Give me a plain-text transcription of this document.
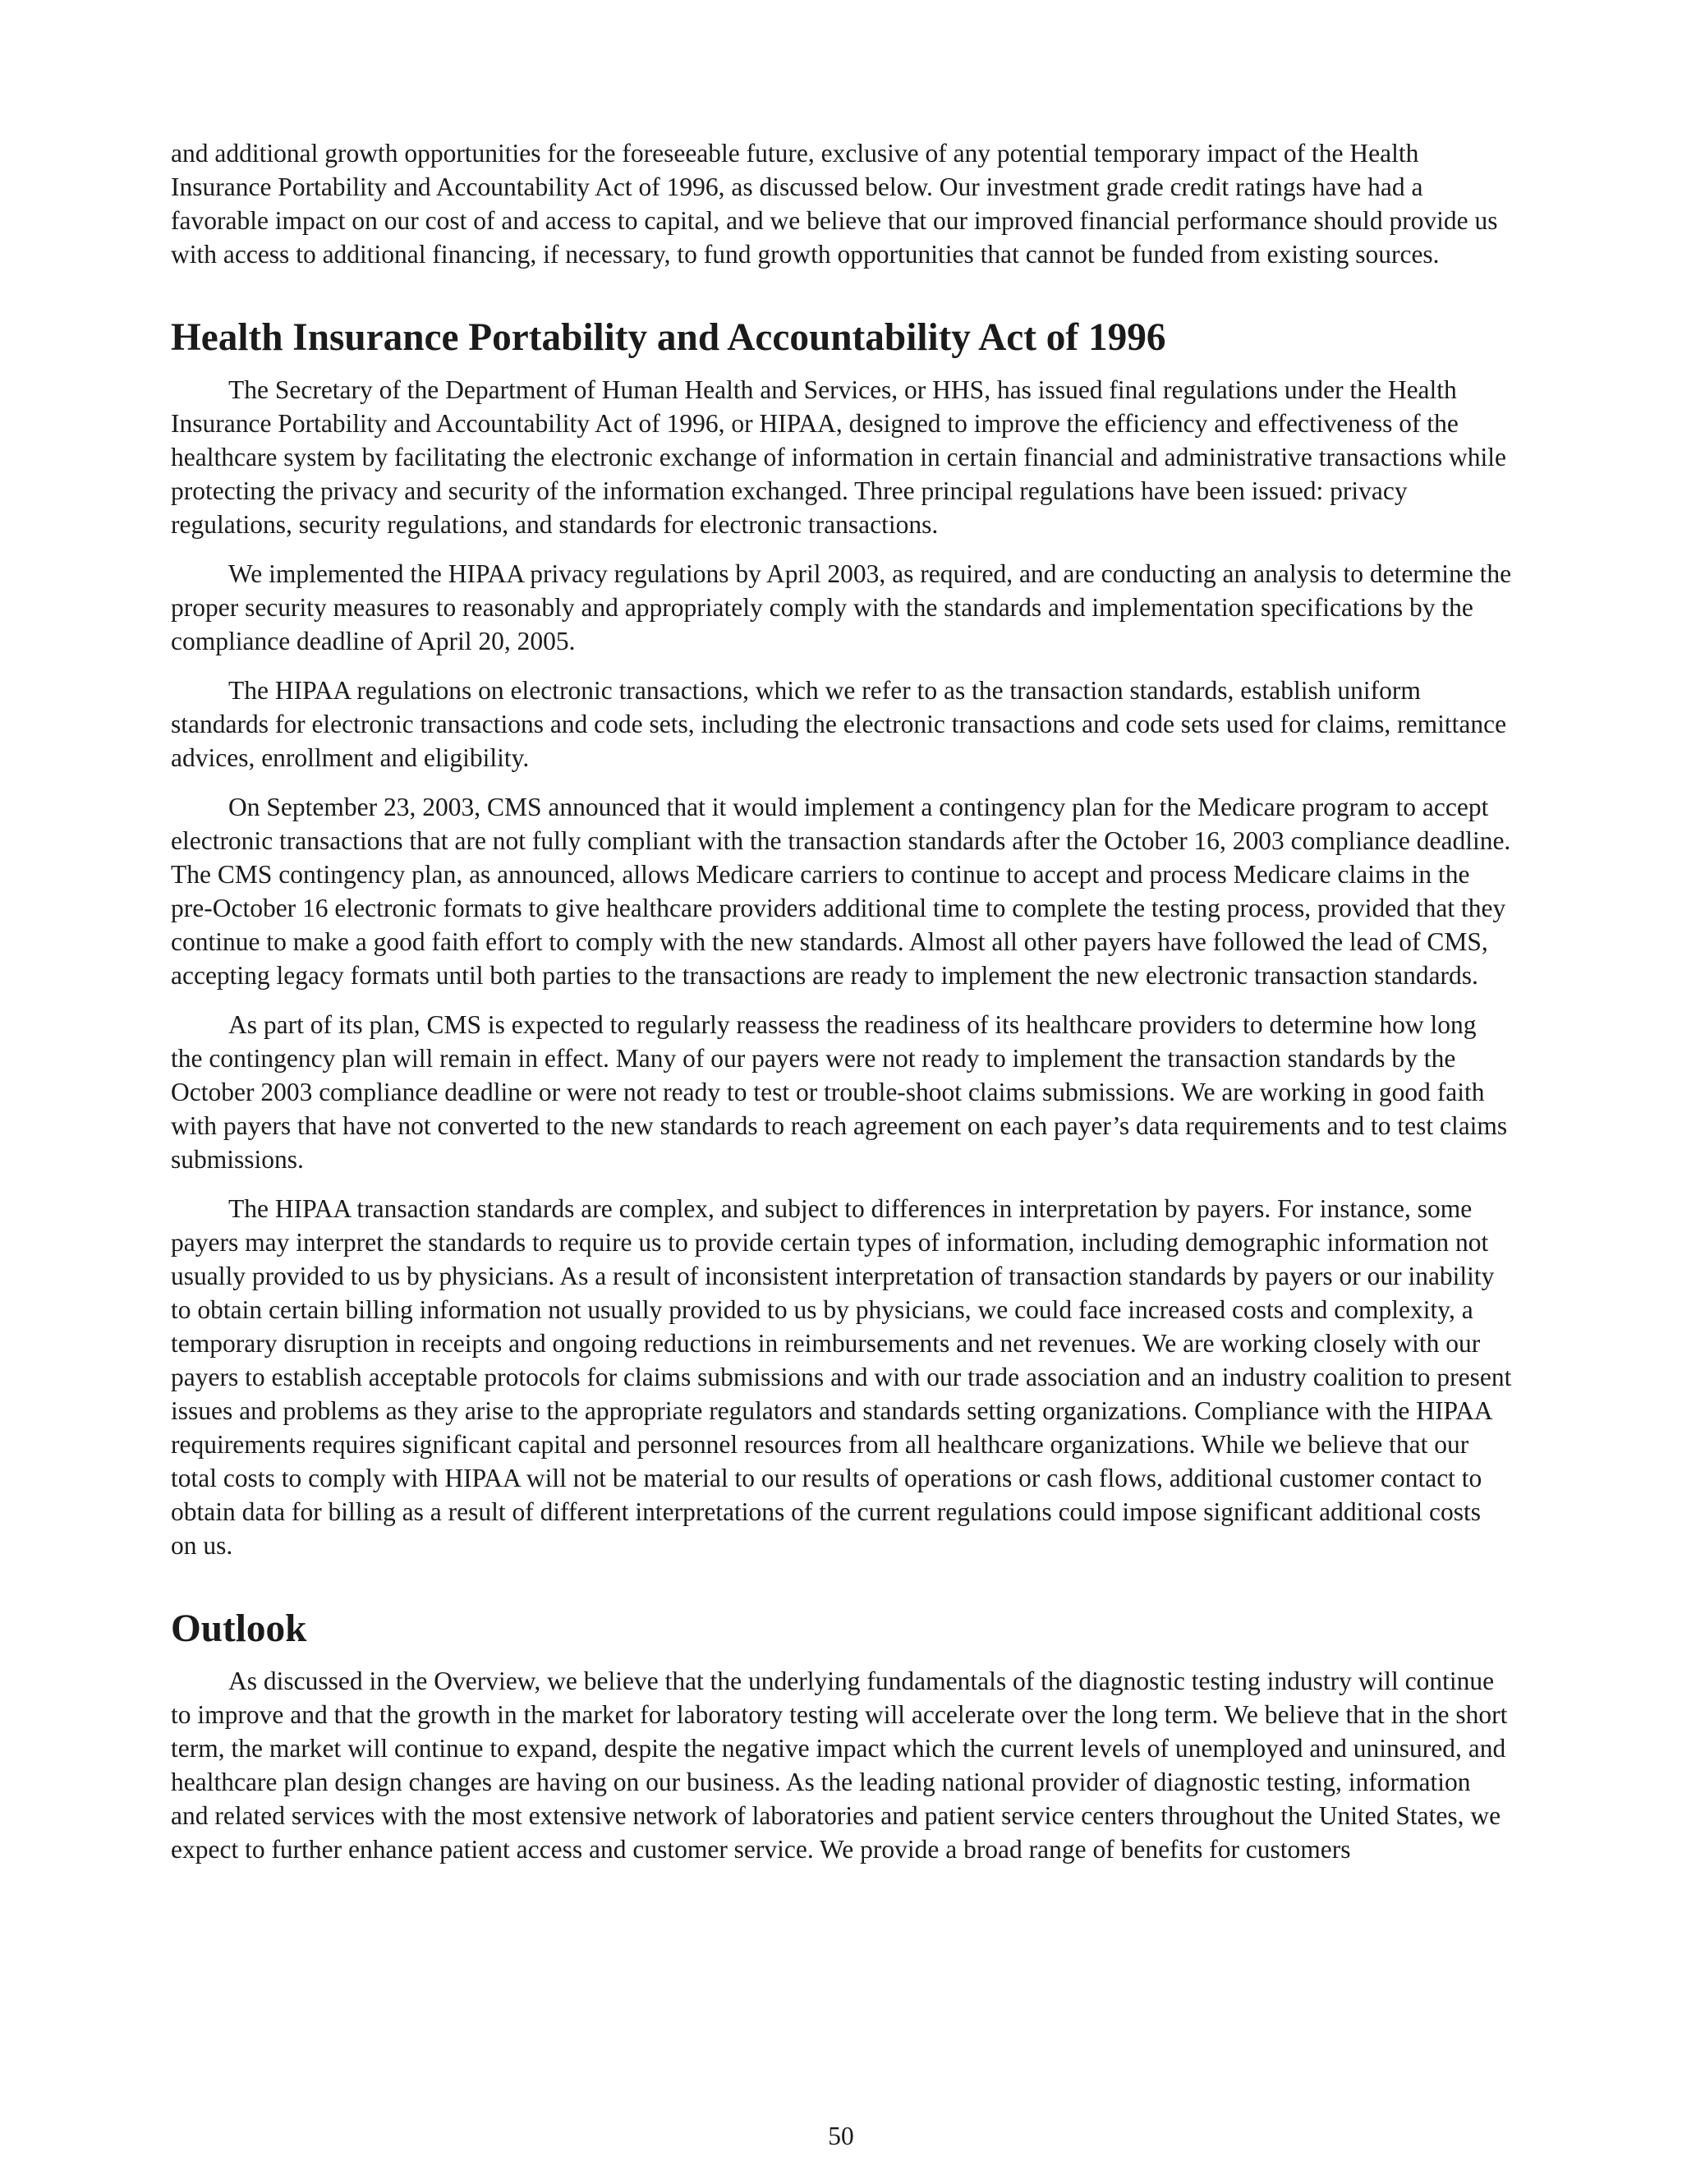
and additional growth opportunities for the foreseeable future, exclusive of any potential temporary impact of the Health Insurance Portability and Accountability Act of 1996, as discussed below. Our investment grade credit ratings have had a favorable impact on our cost of and access to capital, and we believe that our improved financial performance should provide us with access to additional financing, if necessary, to fund growth opportunities that cannot be funded from existing sources.

Health Insurance Portability and Accountability Act of 1996

The Secretary of the Department of Human Health and Services, or HHS, has issued final regulations under the Health Insurance Portability and Accountability Act of 1996, or HIPAA, designed to improve the efficiency and effectiveness of the healthcare system by facilitating the electronic exchange of information in certain financial and administrative transactions while protecting the privacy and security of the information exchanged. Three principal regulations have been issued: privacy regulations, security regulations, and standards for electronic transactions.

We implemented the HIPAA privacy regulations by April 2003, as required, and are conducting an analysis to determine the proper security measures to reasonably and appropriately comply with the standards and implementation specifications by the compliance deadline of April 20, 2005.

The HIPAA regulations on electronic transactions, which we refer to as the transaction standards, establish uniform standards for electronic transactions and code sets, including the electronic transactions and code sets used for claims, remittance advices, enrollment and eligibility.

On September 23, 2003, CMS announced that it would implement a contingency plan for the Medicare program to accept electronic transactions that are not fully compliant with the transaction standards after the October 16, 2003 compliance deadline. The CMS contingency plan, as announced, allows Medicare carriers to continue to accept and process Medicare claims in the pre-October 16 electronic formats to give healthcare providers additional time to complete the testing process, provided that they continue to make a good faith effort to comply with the new standards. Almost all other payers have followed the lead of CMS, accepting legacy formats until both parties to the transactions are ready to implement the new electronic transaction standards.

As part of its plan, CMS is expected to regularly reassess the readiness of its healthcare providers to determine how long the contingency plan will remain in effect. Many of our payers were not ready to implement the transaction standards by the October 2003 compliance deadline or were not ready to test or trouble-shoot claims submissions. We are working in good faith with payers that have not converted to the new standards to reach agreement on each payer’s data requirements and to test claims submissions.

The HIPAA transaction standards are complex, and subject to differences in interpretation by payers. For instance, some payers may interpret the standards to require us to provide certain types of information, including demographic information not usually provided to us by physicians. As a result of inconsistent interpretation of transaction standards by payers or our inability to obtain certain billing information not usually provided to us by physicians, we could face increased costs and complexity, a temporary disruption in receipts and ongoing reductions in reimbursements and net revenues. We are working closely with our payers to establish acceptable protocols for claims submissions and with our trade association and an industry coalition to present issues and problems as they arise to the appropriate regulators and standards setting organizations. Compliance with the HIPAA requirements requires significant capital and personnel resources from all healthcare organizations. While we believe that our total costs to comply with HIPAA will not be material to our results of operations or cash flows, additional customer contact to obtain data for billing as a result of different interpretations of the current regulations could impose significant additional costs on us.

Outlook

As discussed in the Overview, we believe that the underlying fundamentals of the diagnostic testing industry will continue to improve and that the growth in the market for laboratory testing will accelerate over the long term. We believe that in the short term, the market will continue to expand, despite the negative impact which the current levels of unemployed and uninsured, and healthcare plan design changes are having on our business. As the leading national provider of diagnostic testing, information and related services with the most extensive network of laboratories and patient service centers throughout the United States, we expect to further enhance patient access and customer service. We provide a broad range of benefits for customers

50
